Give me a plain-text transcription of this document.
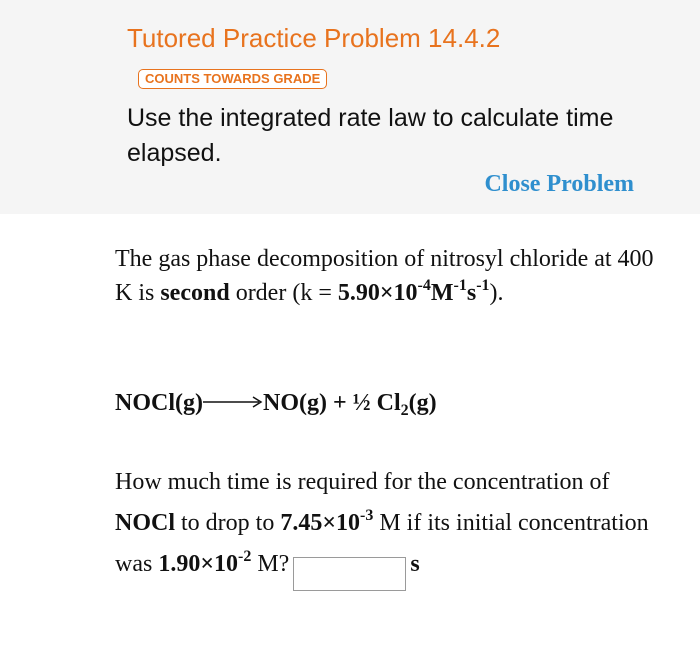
Tutored Practice Problem 14.4.2
COUNTS TOWARDS GRADE

Use the integrated rate law to calculate time elapsed.

Close Problem

The gas phase decomposition of nitrosyl chloride at 400 K is second order $(k = 5.90\times 10^{-4}M^{-1}s^{-1})$.

NOCl(g)→NO(g) + ½ $Cl_2(g)$

How much time is required for the concentration of NOCl to drop to $7.45\times 10^{-3}$ M if its initial concentration was $1.90\times 10^{-2}$ M?	s
